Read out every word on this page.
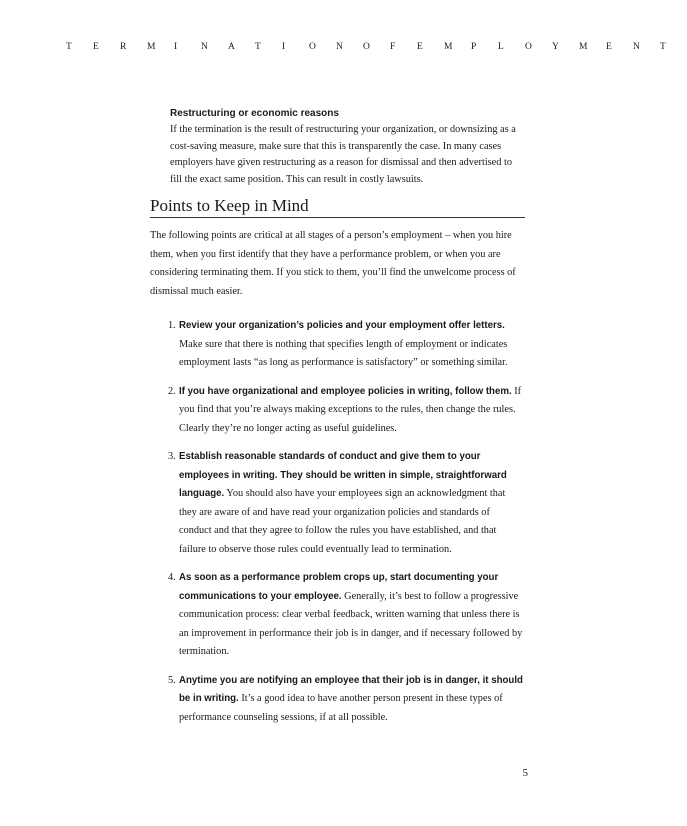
T	E	R	M	I	N	A	T	I	O	N	O	F	E	M	P	L	O	Y	M	E	N	T
Restructuring or economic reasons

If the termination is the result of restructuring your organization, or downsizing as a cost-saving measure, make sure that this is transparently the case. In many cases employers have given restructuring as a reason for dismissal and then advertised to fill the exact same position. This can result in costly lawsuits.

Points to Keep in Mind

The following points are critical at all stages of a person’s employment – when you hire them, when you first identify that they have a performance problem, or when you are considering terminating them. If you stick to them, you’ll find the unwelcome process of dismissal much easier.

1. Review your organization’s policies and your employment offer letters. Make sure that there is nothing that specifies length of employment or indicates employment lasts “as long as performance is satisfactory” or something similar.
2. If you have organizational and employee policies in writing, follow them. If you find that you’re always making exceptions to the rules, then change the rules. Clearly they’re no longer acting as useful guidelines.
3. Establish reasonable standards of conduct and give them to your employees in writing. They should be written in simple, straightforward language. You should also have your employees sign an acknowledgment that they are aware of and have read your organization policies and standards of conduct and that they agree to follow the rules you have established, and that failure to observe those rules could eventually lead to termination.
4. As soon as a performance problem crops up, start documenting your communications to your employee. Generally, it’s best to follow a progressive communication process: clear verbal feedback, written warning that unless there is an improvement in performance their job is in danger, and if necessary followed by termination.
5. Anytime you are notifying an employee that their job is in danger, it should be in writing. It’s a good idea to have another person present in these types of performance counseling sessions, if at all possible.
5
